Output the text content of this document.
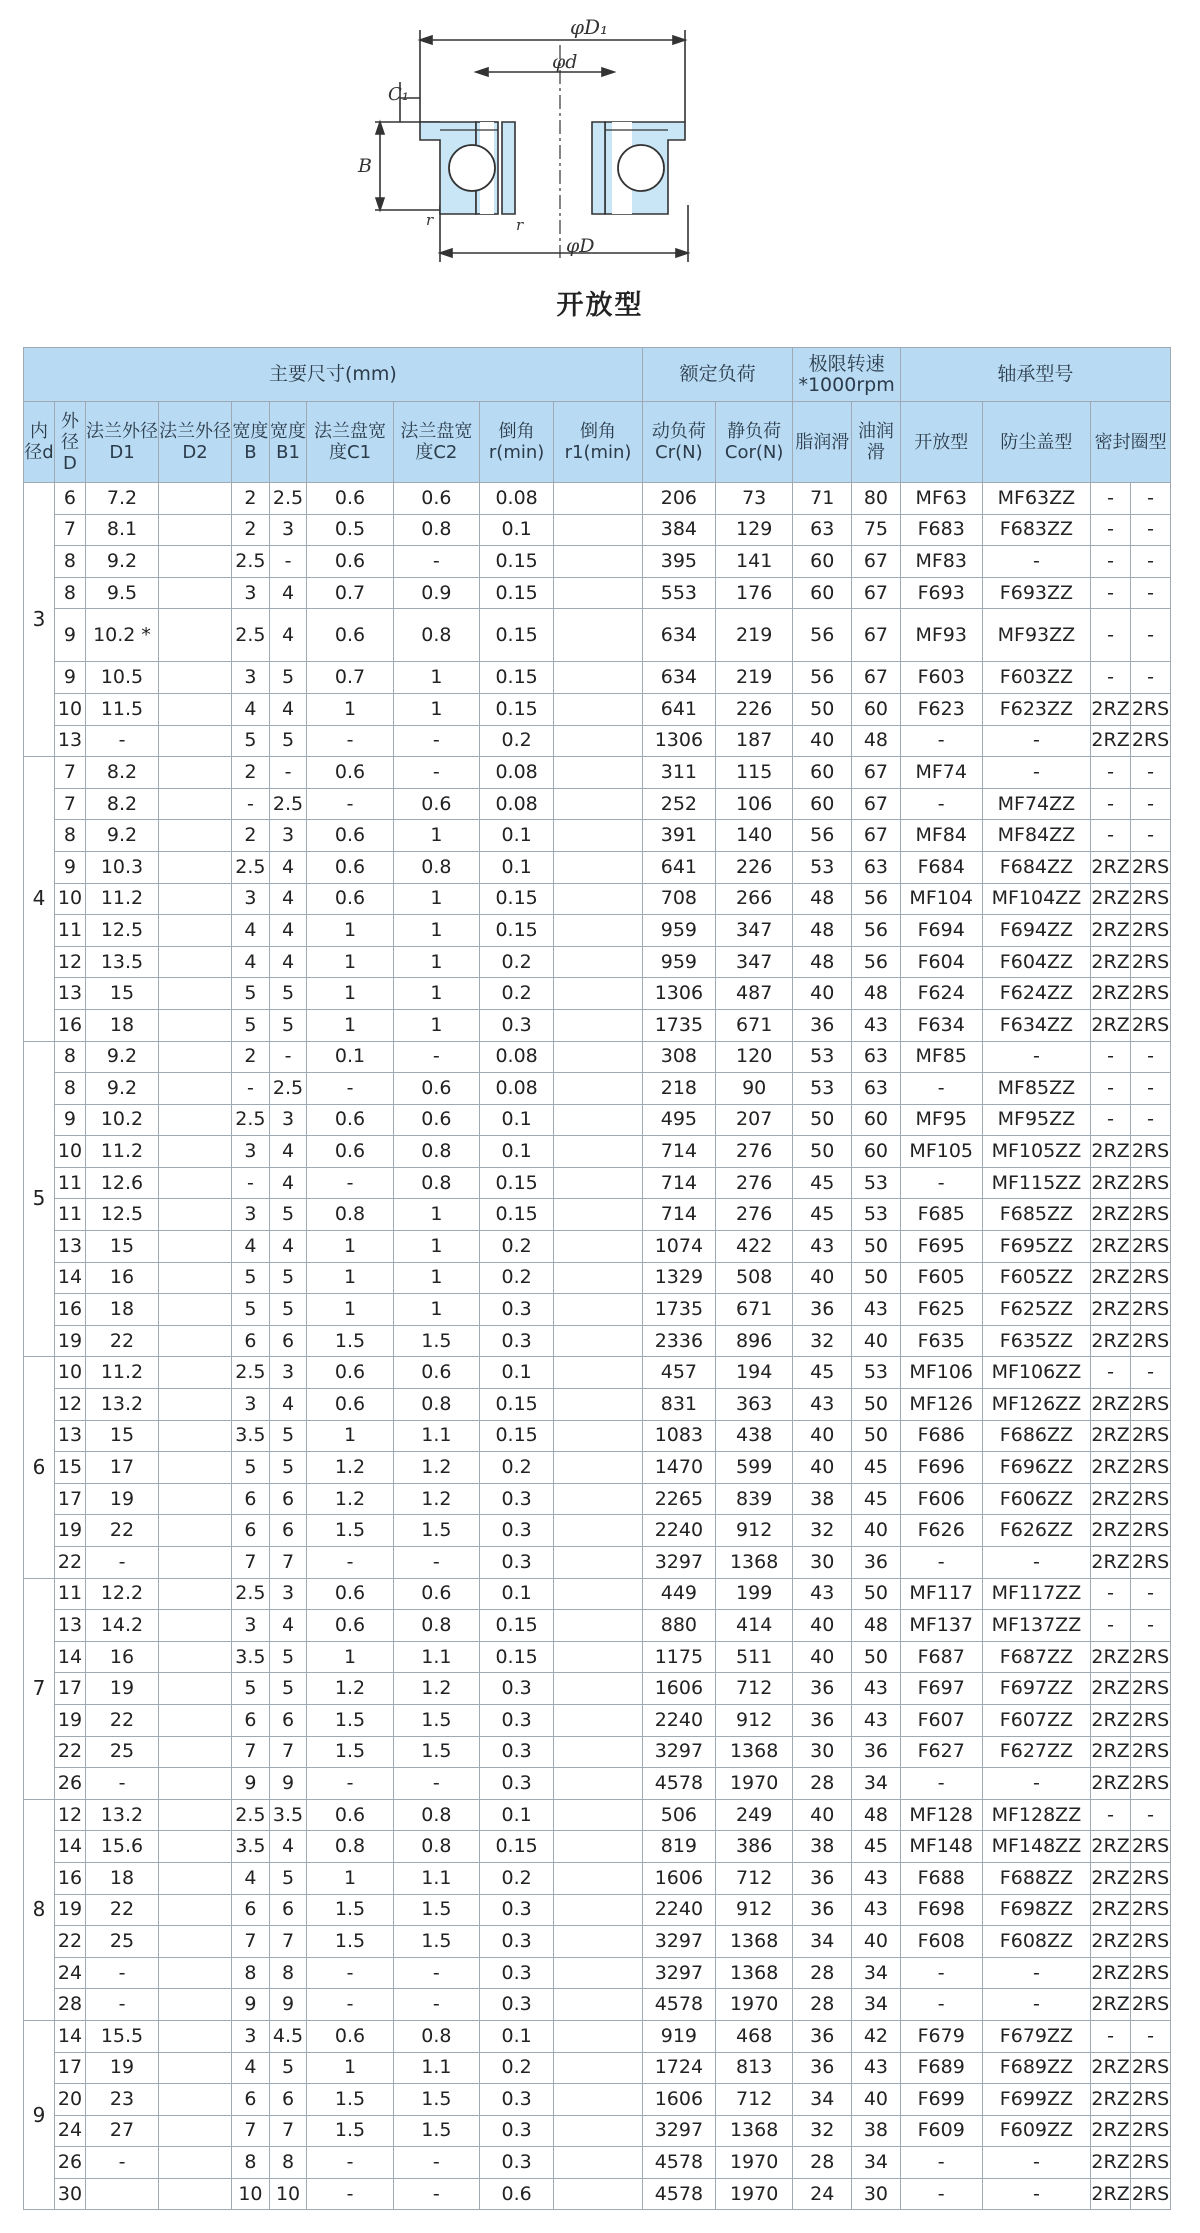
φD₁
φd
φD
C₁
B
r	r
开放型
主要尺寸(mm)										额定负荷		极限转速 *1000rpm		轴承型号			
内径d	外径D	法兰外径D1	法兰外径D2	宽度B	宽度B1	法兰盘宽度C1	法兰盘宽度C2	倒角r(min)	倒角r1(min)	动负荷Cr(N)	静负荷Cor(N)	脂润滑	油润滑	开放型	防尘盖型	密封圈型	
3	6	7.2		2	2.5	0.6	0.6	0.08		206	73	71	80	MF63	MF63ZZ	-	-
	7	8.1		2	3	0.5	0.8	0.1		384	129	63	75	F683	F683ZZ	-	-
	8	9.2		2.5	-	0.6	-	0.15		395	141	60	67	MF83	-	-	-
	8	9.5		3	4	0.7	0.9	0.15		553	176	60	67	F693	F693ZZ	-	-
	9	10.2 *		2.5	4	0.6	0.8	0.15		634	219	56	67	MF93	MF93ZZ	-	-
	9	10.5		3	5	0.7	1	0.15		634	219	56	67	F603	F603ZZ	-	-
	10	11.5		4	4	1	1	0.15		641	226	50	60	F623	F623ZZ	2RZ	2RS
	13	-		5	5	-	-	0.2		1306	187	40	48	-	-	2RZ	2RS
4	7	8.2		2	-	0.6	-	0.08		311	115	60	67	MF74	-	-	-
	7	8.2		-	2.5	-	0.6	0.08		252	106	60	67	-	MF74ZZ	-	-
	8	9.2		2	3	0.6	1	0.1		391	140	56	67	MF84	MF84ZZ	-	-
	9	10.3		2.5	4	0.6	0.8	0.1		641	226	53	63	F684	F684ZZ	2RZ	2RS
	10	11.2		3	4	0.6	1	0.15		708	266	48	56	MF104	MF104ZZ	2RZ	2RS
	11	12.5		4	4	1	1	0.15		959	347	48	56	F694	F694ZZ	2RZ	2RS
	12	13.5		4	4	1	1	0.2		959	347	48	56	F604	F604ZZ	2RZ	2RS
	13	15		5	5	1	1	0.2		1306	487	40	48	F624	F624ZZ	2RZ	2RS
	16	18		5	5	1	1	0.3		1735	671	36	43	F634	F634ZZ	2RZ	2RS
5	8	9.2		2	-	0.1	-	0.08		308	120	53	63	MF85	-	-	-
	8	9.2		-	2.5	-	0.6	0.08		218	90	53	63	-	MF85ZZ	-	-
	9	10.2		2.5	3	0.6	0.6	0.1		495	207	50	60	MF95	MF95ZZ	-	-
	10	11.2		3	4	0.6	0.8	0.1		714	276	50	60	MF105	MF105ZZ	2RZ	2RS
	11	12.6		-	4	-	0.8	0.15		714	276	45	53	-	MF115ZZ	2RZ	2RS
	11	12.5		3	5	0.8	1	0.15		714	276	45	53	F685	F685ZZ	2RZ	2RS
	13	15		4	4	1	1	0.2		1074	422	43	50	F695	F695ZZ	2RZ	2RS
	14	16		5	5	1	1	0.2		1329	508	40	50	F605	F605ZZ	2RZ	2RS
	16	18		5	5	1	1	0.3		1735	671	36	43	F625	F625ZZ	2RZ	2RS
	19	22		6	6	1.5	1.5	0.3		2336	896	32	40	F635	F635ZZ	2RZ	2RS
6	10	11.2		2.5	3	0.6	0.6	0.1		457	194	45	53	MF106	MF106ZZ	-	-
	12	13.2		3	4	0.6	0.8	0.15		831	363	43	50	MF126	MF126ZZ	2RZ	2RS
	13	15		3.5	5	1	1.1	0.15		1083	438	40	50	F686	F686ZZ	2RZ	2RS
	15	17		5	5	1.2	1.2	0.2		1470	599	40	45	F696	F696ZZ	2RZ	2RS
	17	19		6	6	1.2	1.2	0.3		2265	839	38	45	F606	F606ZZ	2RZ	2RS
	19	22		6	6	1.5	1.5	0.3		2240	912	32	40	F626	F626ZZ	2RZ	2RS
	22	-		7	7	-	-	0.3		3297	1368	30	36	-	-	2RZ	2RS
7	11	12.2		2.5	3	0.6	0.6	0.1		449	199	43	50	MF117	MF117ZZ	-	-
	13	14.2		3	4	0.6	0.8	0.15		880	414	40	48	MF137	MF137ZZ	-	-
	14	16		3.5	5	1	1.1	0.15		1175	511	40	50	F687	F687ZZ	2RZ	2RS
	17	19		5	5	1.2	1.2	0.3		1606	712	36	43	F697	F697ZZ	2RZ	2RS
	19	22		6	6	1.5	1.5	0.3		2240	912	36	43	F607	F607ZZ	2RZ	2RS
	22	25		7	7	1.5	1.5	0.3		3297	1368	30	36	F627	F627ZZ	2RZ	2RS
	26	-		9	9	-	-	0.3		4578	1970	28	34	-	-	2RZ	2RS
8	12	13.2		2.5	3.5	0.6	0.8	0.1		506	249	40	48	MF128	MF128ZZ	-	-
	14	15.6		3.5	4	0.8	0.8	0.15		819	386	38	45	MF148	MF148ZZ	2RZ	2RS
	16	18		4	5	1	1.1	0.2		1606	712	36	43	F688	F688ZZ	2RZ	2RS
	19	22		6	6	1.5	1.5	0.3		2240	912	36	43	F698	F698ZZ	2RZ	2RS
	22	25		7	7	1.5	1.5	0.3		3297	1368	34	40	F608	F608ZZ	2RZ	2RS
	24	-		8	8	-	-	0.3		3297	1368	28	34	-	-	2RZ	2RS
	28	-		9	9	-	-	0.3		4578	1970	28	34	-	-	2RZ	2RS
9	14	15.5		3	4.5	0.6	0.8	0.1		919	468	36	42	F679	F679ZZ	-	-
	17	19		4	5	1	1.1	0.2		1724	813	36	43	F689	F689ZZ	2RZ	2RS
	20	23		6	6	1.5	1.5	0.3		1606	712	34	40	F699	F699ZZ	2RZ	2RS
	24	27		7	7	1.5	1.5	0.3		3297	1368	32	38	F609	F609ZZ	2RZ	2RS
	26	-		8	8	-	-	0.3		4578	1970	28	34	-	-	2RZ	2RS
	30			10	10	-	-	0.6		4578	1970	24	30	-	-	2RZ	2RS
